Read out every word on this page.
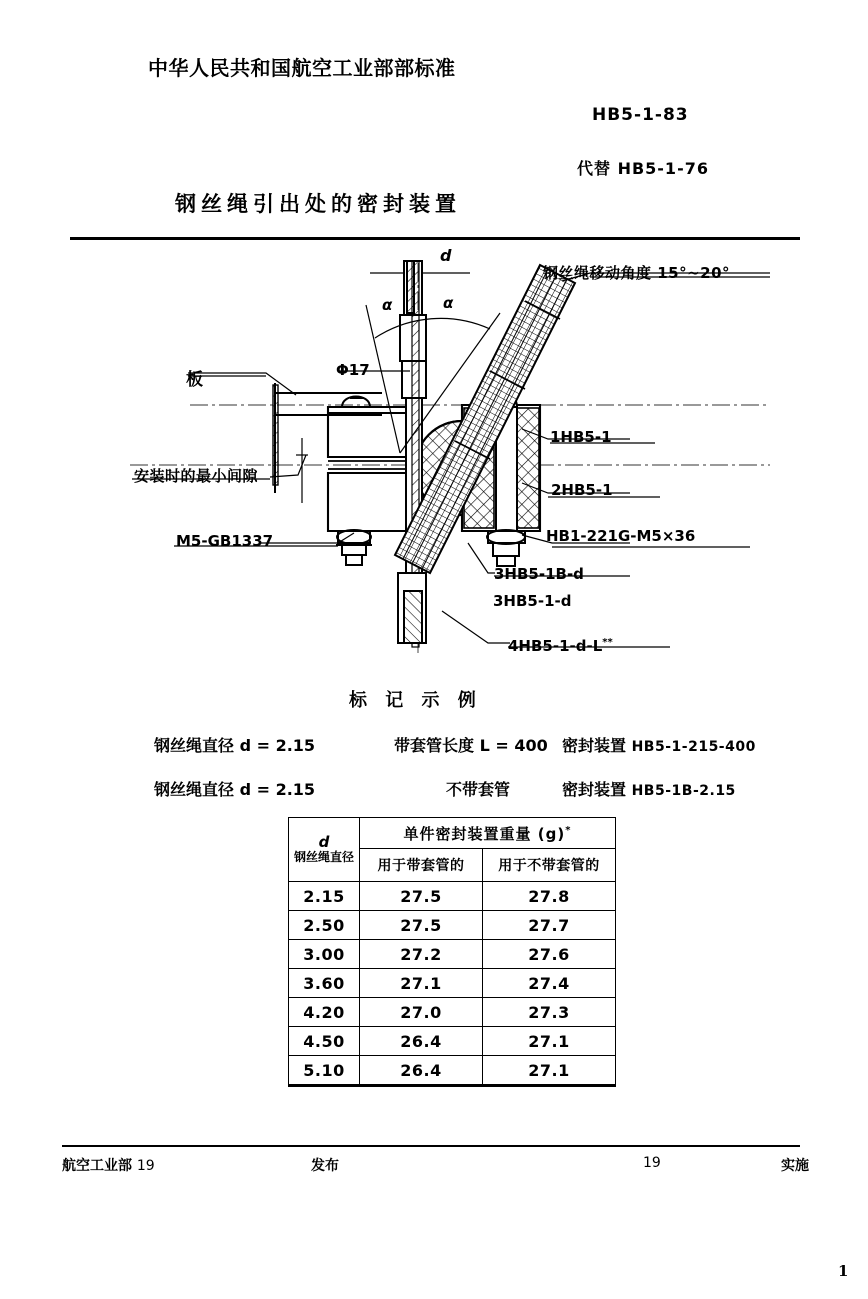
中华人民共和国航空工业部部标准
HB5-1-83
代替 HB5-1-76
钢丝绳引出处的密封装置
d
α	α
钢丝绳移动角度 15°~20°
板	Φ17
安装时的最小间隙
M5-GB1337
1HB5-1
2HB5-1
HB1-221G-M5×36
3HB5-1B-d
3HB5-1-d
4HB5-1-d-L**
标 记 示 例
钢丝绳直径 d = 2.15	带套管长度 L = 400 密封装置 HB5-1-215-400
钢丝绳直径 d = 2.15	不带套管	密封装置 HB5-1B-2.15
d
钢丝绳直径	单件密封装置重量 (g)*
	用于带套管的	用于不带套管的
2.15	27.5	27.8
2.50	27.5	27.7
3.00	27.2	27.6
3.60	27.1	27.4
4.20	27.0	27.3
4.50	26.4	27.1
5.10	26.4	27.1
航空工业部 19	发布	19	实施
1
